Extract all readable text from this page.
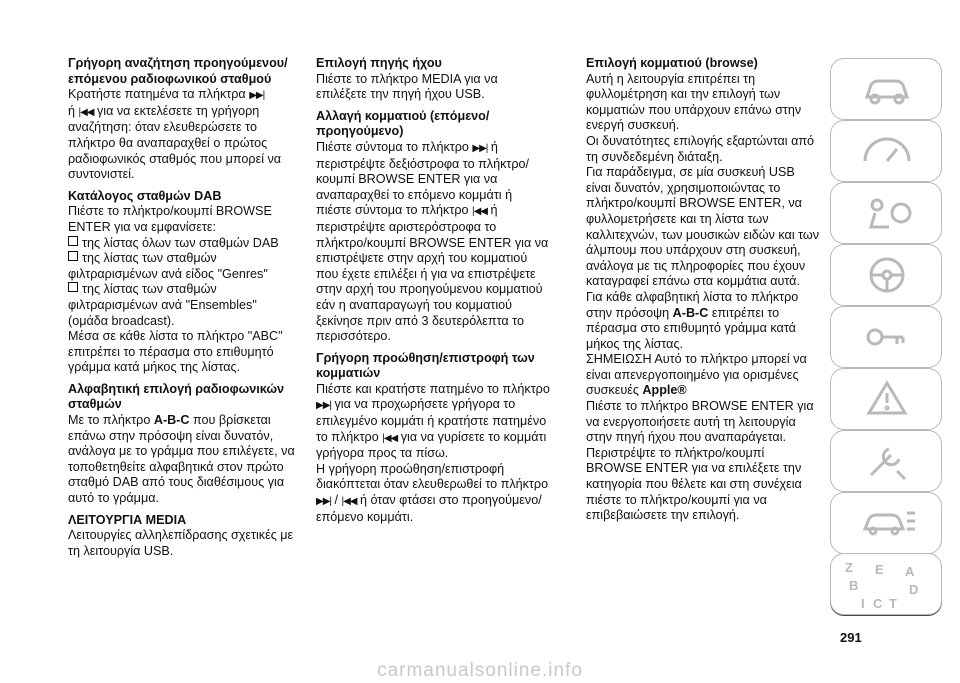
Γρήγορη αναζήτηση προηγούμενου/επόμενου ραδιοφωνικού σταθμού

Κρατήστε πατημένα τα πλήκτρα ▶▶|

ή |◀◀ για να εκτελέσετε τη γρήγορη αναζήτηση: όταν ελευθερώσετε το πλήκτρο θα αναπαραχθεί ο πρώτος ραδιοφωνικός σταθμός που μπορεί να συντονιστεί.

Κατάλογος σταθμών DAB

Πιέστε το πλήκτρο/κουμπί BROWSE ENTER για να εμφανίσετε:

της λίστας όλων των σταθμών DAB

της λίστας των σταθμών φιλτραρισμένων ανά είδος "Genres"

της λίστας των σταθμών φιλτραρισμένων ανά "Ensembles" (ομάδα broadcast).

Μέσα σε κάθε λίστα το πλήκτρο "ABC" επιτρέπει το πέρασμα στο επιθυμητό γράμμα κατά μήκος της λίστας.

Αλφαβητική επιλογή ραδιοφωνικών σταθμών

Με το πλήκτρο A-B-C που βρίσκεται επάνω στην πρόσοψη είναι δυνατόν, ανάλογα με το γράμμα που επιλέγετε, να τοποθετηθείτε αλφαβητικά στον πρώτο σταθμό DAB από τους διαθέσιμους για αυτό το γράμμα.

ΛΕΙΤΟΥΡΓΙΑ MEDIA

Λειτουργίες αλληλεπίδρασης σχετικές με τη λειτουργία USB.

Επιλογή πηγής ήχου

Πιέστε το πλήκτρο MEDIA για να επιλέξετε την πηγή ήχου USB.

Αλλαγή κομματιού (επόμενο/προηγούμενο)

Πιέστε σύντομα το πλήκτρο ▶▶| ή περιστρέψτε δεξιόστροφα το πλήκτρο/κουμπί BROWSE ENTER για να αναπαραχθεί το επόμενο κομμάτι ή πιέστε σύντομα το πλήκτρο |◀◀ ή περιστρέψτε αριστερόστροφα το πλήκτρο/κουμπί BROWSE ENTER για να επιστρέψετε στην αρχή του κομματιού που έχετε επιλέξει ή για να επιστρέψετε στην αρχή του προηγούμενου κομματιού εάν η αναπαραγωγή του κομματιού ξεκίνησε πριν από 3 δευτερόλεπτα το περισσότερο.

Γρήγορη προώθηση/επιστροφή των κομματιών

Πιέστε και κρατήστε πατημένο το πλήκτρο ▶▶| για να προχωρήσετε γρήγορα το επιλεγμένο κομμάτι ή κρατήστε πατημένο το πλήκτρο |◀◀ για να γυρίσετε το κομμάτι γρήγορα προς τα πίσω.

Η γρήγορη προώθηση/επιστροφή διακόπτεται όταν ελευθερωθεί το πλήκτρο ▶▶| / |◀◀ ή όταν φτάσει στο προηγούμενο/επόμενο κομμάτι.

Επιλογή κομματιού (browse)

Αυτή η λειτουργία επιτρέπει τη φυλλομέτρηση και την επιλογή των κομματιών που υπάρχουν επάνω στην ενεργή συσκευή.

Οι δυνατότητες επιλογής εξαρτώνται από τη συνδεδεμένη διάταξη.

Για παράδειγμα, σε μία συσκευή USB είναι δυνατόν, χρησιμοποιώντας το πλήκτρο/κουμπί BROWSE ENTER, να φυλλομετρήσετε και τη λίστα των καλλιτεχνών, των μουσικών ειδών και των άλμπουμ που υπάρχουν στη συσκευή, ανάλογα με τις πληροφορίες που έχουν καταγραφεί επάνω στα κομμάτια αυτά.

Για κάθε αλφαβητική λίστα το πλήκτρο στην πρόσοψη A-B-C επιτρέπει το πέρασμα στο επιθυμητό γράμμα κατά μήκος της λίστας.

ΣΗΜΕΙΩΣΗ Αυτό το πλήκτρο μπορεί να είναι απενεργοποιημένο για ορισμένες συσκευές Apple®

Πιέστε το πλήκτρο BROWSE ENTER για να ενεργοποιήσετε αυτή τη λειτουργία στην πηγή ήχου που αναπαράγεται.

Περιστρέψτε το πλήκτρο/κουμπί BROWSE ENTER για να επιλέξετε την κατηγορία που θέλετε και στη συνέχεια πιέστε το πλήκτρο/κουμπί για να επιβεβαιώσετε την επιλογή.

Z E A
B	D
I C T
291
carmanualsonline.info
